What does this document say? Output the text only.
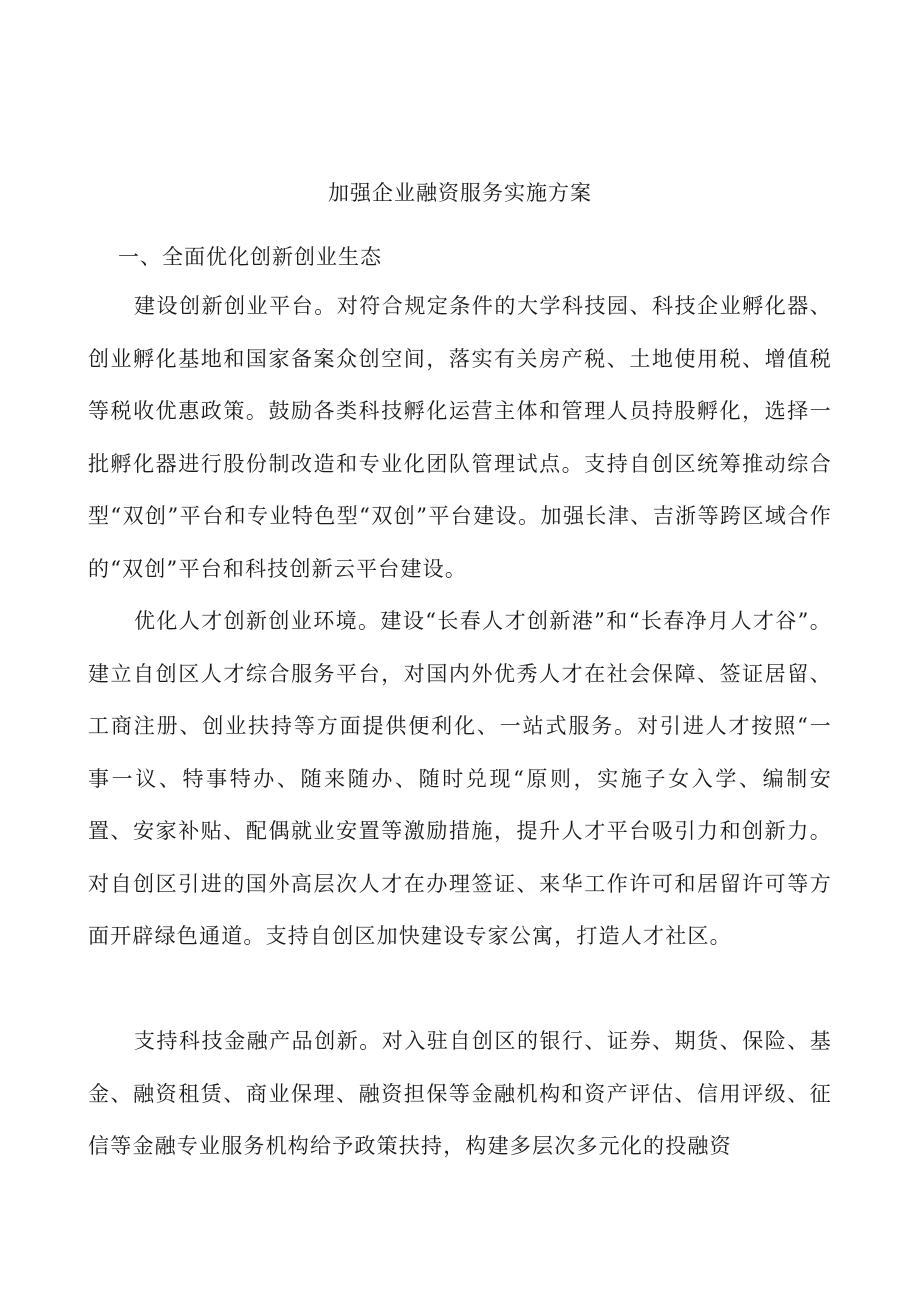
加强企业融资服务实施方案
一、全面优化创新创业生态

建设创新创业平台。对符合规定条件的大学科技园、科技企业孵化器、创业孵化基地和国家备案众创空间，落实有关房产税、土地使用税、增值税等税收优惠政策。鼓励各类科技孵化运营主体和管理人员持股孵化，选择一批孵化器进行股份制改造和专业化团队管理试点。支持自创区统筹推动综合型“双创”平台和专业特色型“双创”平台建设。加强长津、吉浙等跨区域合作的“双创”平台和科技创新云平台建设。

优化人才创新创业环境。建设“长春人才创新港”和“长春净月人才谷”。建立自创区人才综合服务平台，对国内外优秀人才在社会保障、签证居留、工商注册、创业扶持等方面提供便利化、一站式服务。对引进人才按照“一事一议、特事特办、随来随办、随时兑现“原则，实施子女入学、编制安置、安家补贴、配偶就业安置等激励措施，提升人才平台吸引力和创新力。对自创区引进的国外高层次人才在办理签证、来华工作许可和居留许可等方面开辟绿色通道。支持自创区加快建设专家公寓，打造人才社区。

支持科技金融产品创新。对入驻自创区的银行、证券、期货、保险、基金、融资租赁、商业保理、融资担保等金融机构和资产评估、信用评级、征信等金融专业服务机构给予政策扶持，构建多层次多元化的投融资
